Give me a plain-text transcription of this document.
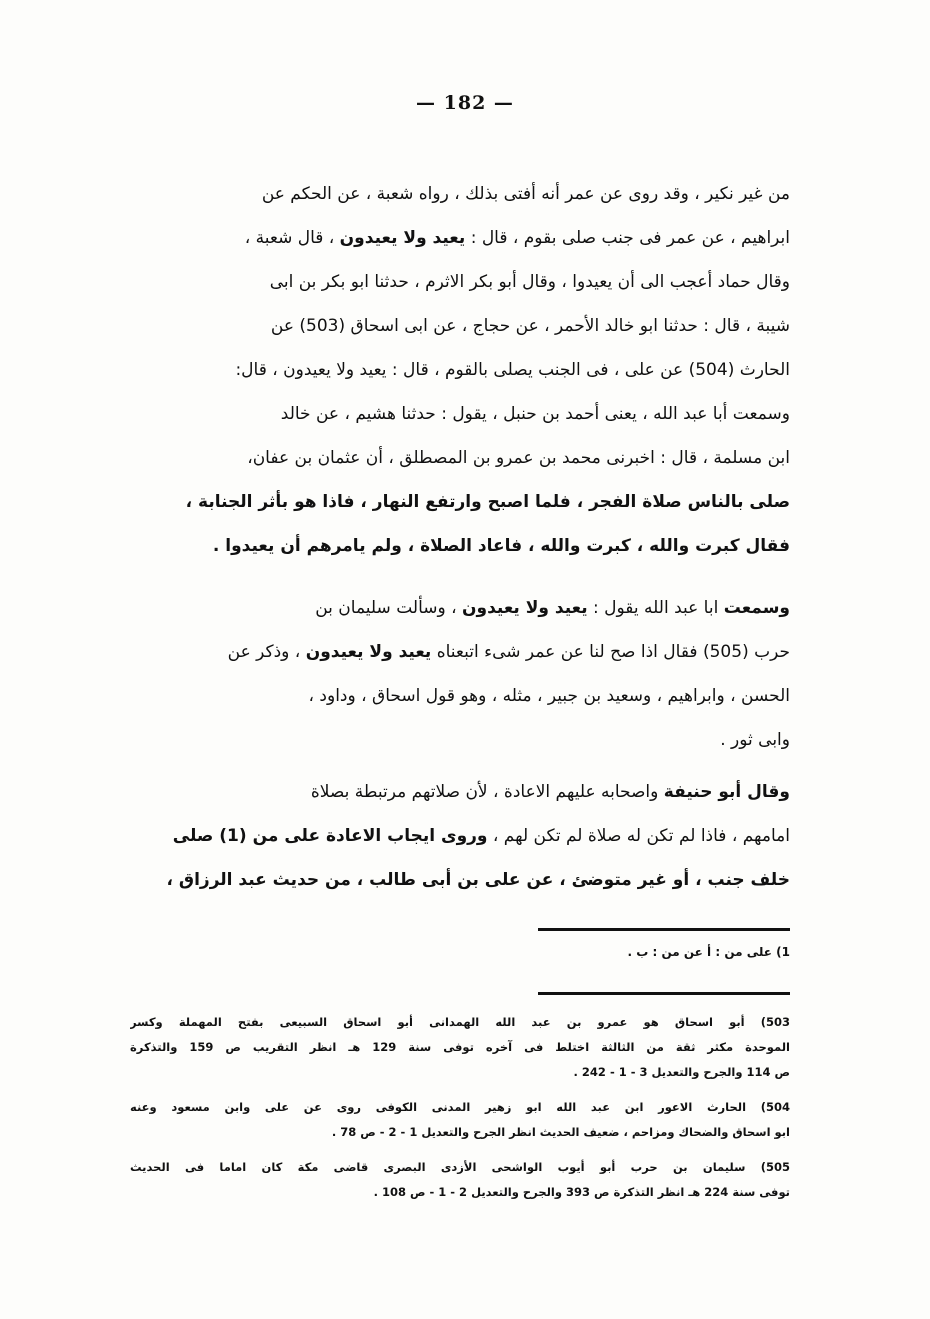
— 182 —

من غير نكير ، وقد روى عن عمر أنه أفتى بذلك ، رواه شعبة ، عن الحكم عن

ابراهيم ، عن عمر فى جنب صلى بقوم ، قال : يعيد ولا يعيدون ، قال شعبة ،

وقال حماد أعجب الى أن يعيدوا ، وقال أبو بكر الاثرم ، حدثنا ابو بكر بن ابى

شيبة ، قال : حدثنا ابو خالد الأحمر ، عن حجاج ، عن ابى اسحاق (503) عن

الحارث (504) عن على ، فى الجنب يصلى بالقوم ، قال : يعيد ولا يعيدون ، قال:

وسمعت أبا عبد الله ، يعنى أحمد بن حنبل ، يقول : حدثنا هشيم ، عن خالد

ابن مسلمة ، قال : اخبرنى محمد بن عمرو بن المصطلق ، أن عثمان بن عفان،

صلى بالناس صلاة الفجر ، فلما اصبح وارتفع النهار ، فاذا هو بأثر الجنابة ،

فقال كبرت والله ، كبرت والله ، فاعاد الصلاة ، ولم يامرهم أن يعيدوا .

وسمعت ابا عبد الله يقول : يعيد ولا يعيدون ، وسألت سليمان بن

حرب (505) فقال اذا صح لنا عن عمر شىء اتبعناه يعيد ولا يعيدون ، وذكر عن

الحسن ، وابراهيم ، وسعيد بن جبير ، مثله ، وهو قول اسحاق ، وداود ،

وابى ثور .

وقال أبو حنيفة واصحابه عليهم الاعادة ، لأن صلاتهم مرتبطة بصلاة

امامهم ، فاذا لم تكن له صلاة لم تكن لهم ، وروى ايجاب الاعادة على من (1) صلى

خلف جنب ، أو غير متوضئ ، عن على بن أبى طالب ، من حديث عبد الرزاق ،

1) على من : أ عن من : ب .

503) أبو اسحاق هو عمرو بن عبد الله الهمدانى أبو اسحاق السبيعى بفتح المهملة وكسر

الموحدة مكثر ثقة من الثالثة اختلط فى آخره توفى سنة 129 هـ انظر التقريب ص 159 والتذكرة

ص 114 والجرح والتعديل 3 - 1 - 242 .

504) الحارث الاعور ابن عبد الله ابو زهير المدنى الكوفى روى عن على وابن مسعود وعنه

ابو اسحاق والضحاك ومزاحم ، ضعيف الحديث انظر الجرح والتعديل 1 - 2 - ص 78 .

505) سليمان بن حرب أبو أيوب الواشحى الأزدى البصرى قاضى مكة كان اماما فى الحديث

توفى سنة 224 هـ انظر التذكرة ص 393 والجرح والتعديل 2 - 1 - ص 108 .
